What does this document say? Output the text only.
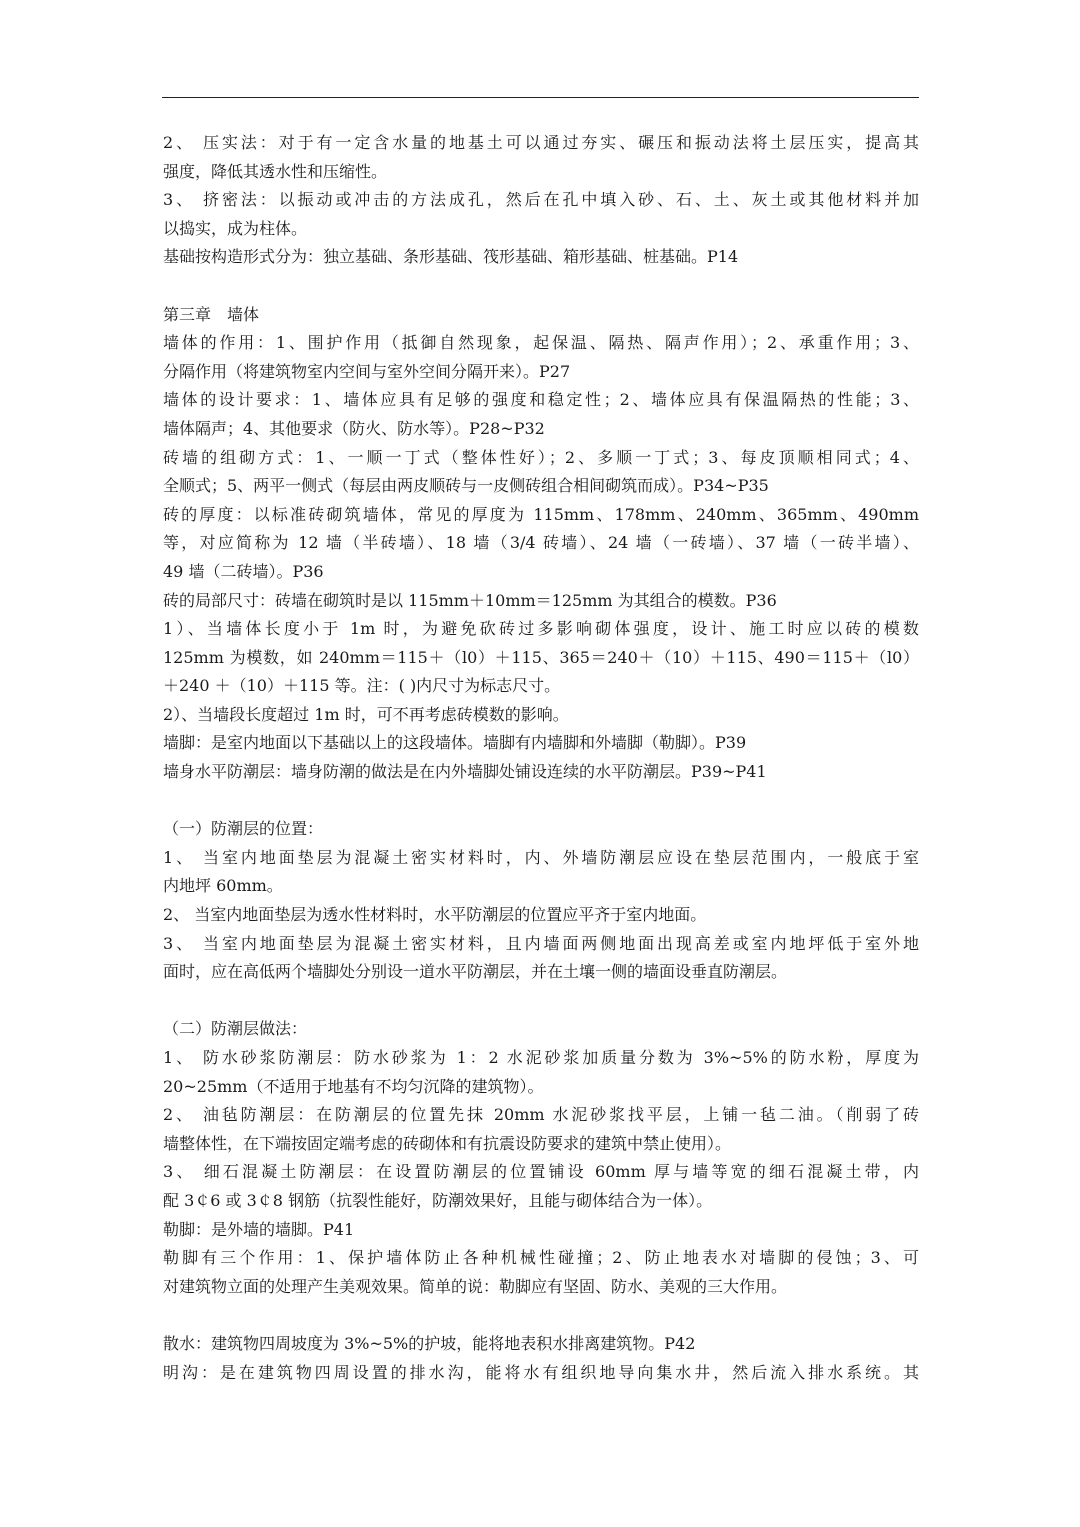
2、 压实法：对于有一定含水量的地基土可以通过夯实、碾压和振动法将土层压实，提高其
强度，降低其透水性和压缩性。
3、 挤密法：以振动或冲击的方法成孔，然后在孔中填入砂、石、土、灰土或其他材料并加
以捣实，成为柱体。
基础按构造形式分为：独立基础、条形基础、筏形基础、箱形基础、桩基础。P14
第三章　墙体
墙体的作用：1、围护作用（抵御自然现象，起保温、隔热、隔声作用）；2、承重作用；3、
分隔作用（将建筑物室内空间与室外空间分隔开来）。P27
墙体的设计要求：1、墙体应具有足够的强度和稳定性；2、墙体应具有保温隔热的性能；3、
墙体隔声；4、其他要求（防火、防水等）。P28~P32
砖墙的组砌方式：1、一顺一丁式（整体性好）；2、多顺一丁式；3、每皮顶顺相同式；4、
全顺式；5、两平一侧式（每层由两皮顺砖与一皮侧砖组合相间砌筑而成）。P34~P35
砖的厚度：以标准砖砌筑墙体，常见的厚度为 115mm、178mm、240mm、365mm、490mm
等，对应简称为 12 墙（半砖墙）、18 墙（3/4 砖墙）、24 墙（一砖墙）、37 墙（一砖半墙）、
49 墙（二砖墙）。P36
砖的局部尺寸：砖墙在砌筑时是以 115mm＋10mm＝125mm 为其组合的模数。P36
1）、当墙体长度小于 1m 时，为避免砍砖过多影响砌体强度，设计、施工时应以砖的模数
125mm 为模数，如 240mm＝115＋（l0）＋115、365＝240＋（10）＋115、490＝115＋（l0）
＋240 ＋（10）＋115 等。注：( )内尺寸为标志尺寸。
2）、当墙段长度超过 1m 时，可不再考虑砖模数的影响。
墙脚：是室内地面以下基础以上的这段墙体。墙脚有内墙脚和外墙脚（勒脚）。P39
墙身水平防潮层：墙身防潮的做法是在内外墙脚处铺设连续的水平防潮层。P39~P41
（一）防潮层的位置：
1、 当室内地面垫层为混凝土密实材料时，内、外墙防潮层应设在垫层范围内，一般底于室
内地坪 60mm。
2、 当室内地面垫层为透水性材料时，水平防潮层的位置应平齐于室内地面。
3、 当室内地面垫层为混凝土密实材料，且内墙面两侧地面出现高差或室内地坪低于室外地
面时，应在高低两个墙脚处分别设一道水平防潮层，并在土壤一侧的墙面设垂直防潮层。
（二）防潮层做法：
1、 防水砂浆防潮层：防水砂浆为 1：2 水泥砂浆加质量分数为 3%~5%的防水粉，厚度为
20~25mm（不适用于地基有不均匀沉降的建筑物）。
2、 油毡防潮层：在防潮层的位置先抹 20mm 水泥砂浆找平层，上铺一毡二油。（削弱了砖
墙整体性，在下端按固定端考虑的砖砌体和有抗震设防要求的建筑中禁止使用）。
3、 细石混凝土防潮层：在设置防潮层的位置铺设 60mm 厚与墙等宽的细石混凝土带，内
配 3￠6 或 3￠8 钢筋（抗裂性能好，防潮效果好，且能与砌体结合为一体）。
勒脚：是外墙的墙脚。P41
勒脚有三个作用：1、保护墙体防止各种机械性碰撞；2、防止地表水对墙脚的侵蚀；3、可
对建筑物立面的处理产生美观效果。简单的说：勒脚应有坚固、防水、美观的三大作用。
散水：建筑物四周坡度为 3%~5%的护坡，能将地表积水排离建筑物。P42
明沟：是在建筑物四周设置的排水沟，能将水有组织地导向集水井，然后流入排水系统。其
